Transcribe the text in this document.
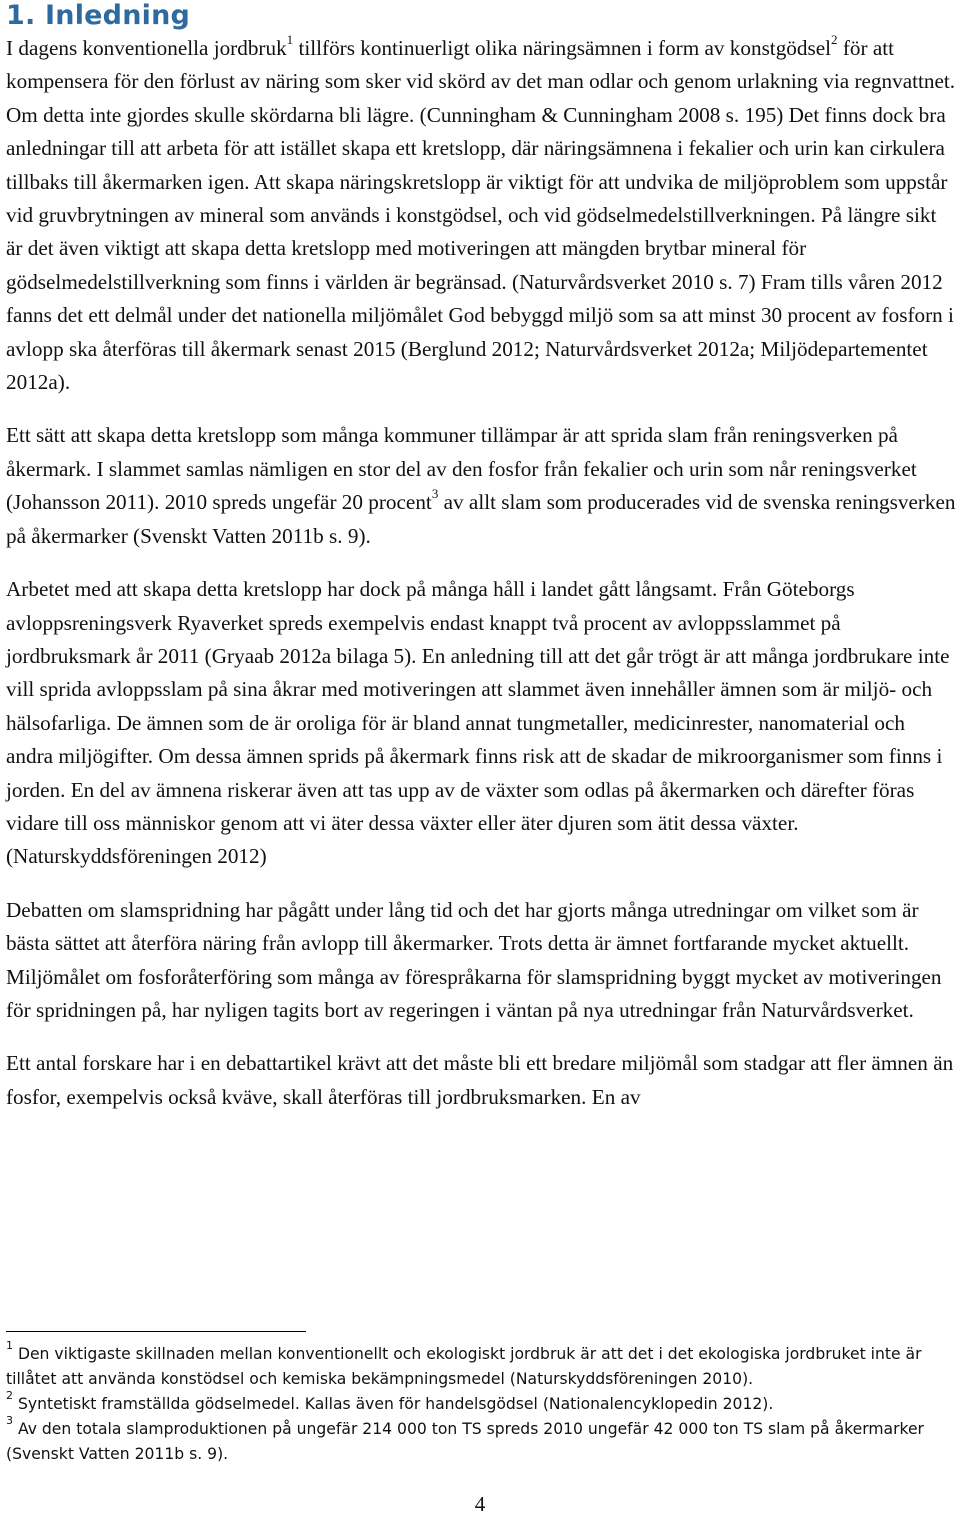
1. Inledning

I dagens konventionella jordbruk$^1$ tillförs kontinuerligt olika näringsämnen i form av konstgödsel$^2$ för att kompensera för den förlust av näring som sker vid skörd av det man odlar och genom urlakning via regnvattnet. Om detta inte gjordes skulle skördarna bli lägre. (Cunningham & Cunningham 2008 s. 195) Det finns dock bra anledningar till att arbeta för att istället skapa ett kretslopp, där näringsämnena i fekalier och urin kan cirkulera tillbaks till åkermarken igen. Att skapa näringskretslopp är viktigt för att undvika de miljöproblem som uppstår vid gruvbrytningen av mineral som används i konstgödsel, och vid gödselmedelstillverkningen. På längre sikt är det även viktigt att skapa detta kretslopp med motiveringen att mängden brytbar mineral för gödselmedelstillverkning som finns i världen är begränsad. (Naturvårdsverket 2010 s. 7) Fram tills våren 2012 fanns det ett delmål under det nationella miljömålet God bebyggd miljö som sa att minst 30 procent av fosforn i avlopp ska återföras till åkermark senast 2015 (Berglund 2012; Naturvårdsverket 2012a; Miljödepartementet 2012a).

Ett sätt att skapa detta kretslopp som många kommuner tillämpar är att sprida slam från reningsverken på åkermark. I slammet samlas nämligen en stor del av den fosfor från fekalier och urin som når reningsverket (Johansson 2011). 2010 spreds ungefär 20 procent$^3$ av allt slam som producerades vid de svenska reningsverken på åkermarker (Svenskt Vatten 2011b s. 9).

Arbetet med att skapa detta kretslopp har dock på många håll i landet gått långsamt. Från Göteborgs avloppsreningsverk Ryaverket spreds exempelvis endast knappt två procent av avloppsslammet på jordbruksmark år 2011 (Gryaab 2012a bilaga 5). En anledning till att det går trögt är att många jordbrukare inte vill sprida avloppsslam på sina åkrar med motiveringen att slammet även innehåller ämnen som är miljö- och hälsofarliga. De ämnen som de är oroliga för är bland annat tungmetaller, medicinrester, nanomaterial och andra miljögifter. Om dessa ämnen sprids på åkermark finns risk att de skadar de mikroorganismer som finns i jorden. En del av ämnena riskerar även att tas upp av de växter som odlas på åkermarken och därefter föras vidare till oss människor genom att vi äter dessa växter eller äter djuren som ätit dessa växter. (Naturskyddsföreningen 2012)

Debatten om slamspridning har pågått under lång tid och det har gjorts många utredningar om vilket som är bästa sättet att återföra näring från avlopp till åkermarker. Trots detta är ämnet fortfarande mycket aktuellt. Miljömålet om fosforåterföring som många av förespråkarna för slamspridning byggt mycket av motiveringen för spridningen på, har nyligen tagits bort av regeringen i väntan på nya utredningar från Naturvårdsverket.

Ett antal forskare har i en debattartikel krävt att det måste bli ett bredare miljömål som stadgar att fler ämnen än fosfor, exempelvis också kväve, skall återföras till jordbruksmarken. En av

$^1$ Den viktigaste skillnaden mellan konventionellt och ekologiskt jordbruk är att det i det ekologiska jordbruket inte är tillåtet att använda konstödsel och kemiska bekämpningsmedel (Naturskyddsföreningen 2010).

$^2$ Syntetiskt framställda gödselmedel. Kallas även för handelsgödsel (Nationalencyklopedin 2012).

$^3$ Av den totala slamproduktionen på ungefär 214 000 ton TS spreds 2010 ungefär 42 000 ton TS slam på åkermarker (Svenskt Vatten 2011b s. 9).

4
